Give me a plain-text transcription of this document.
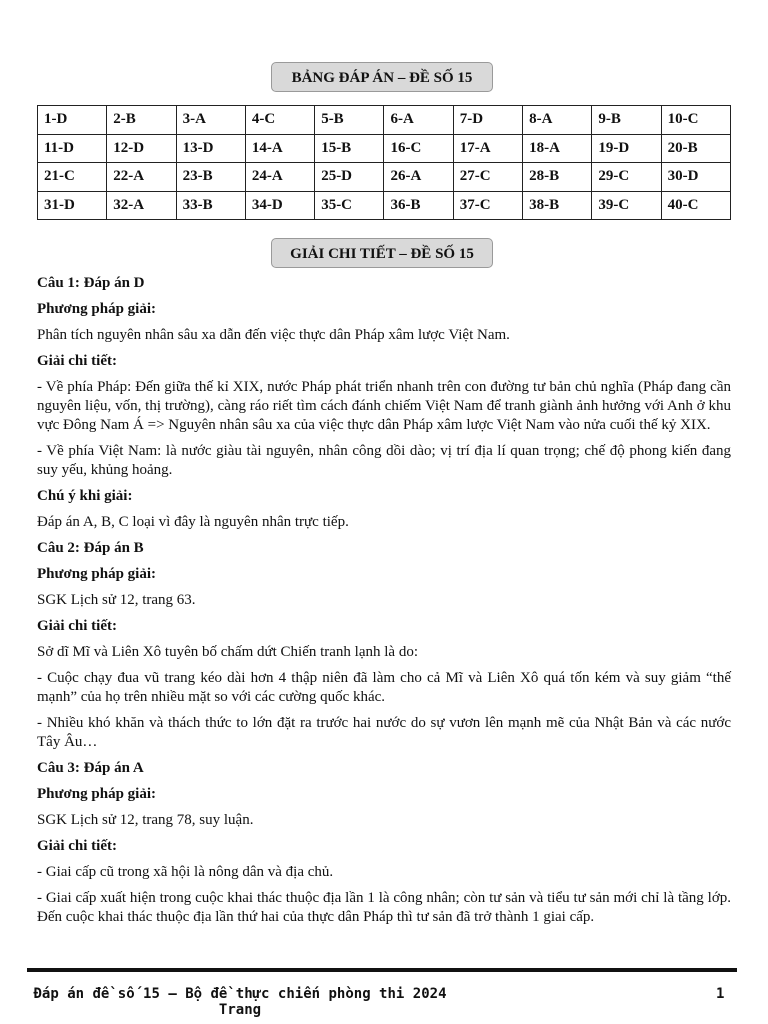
BẢNG ĐÁP ÁN – ĐỀ SỐ 15
1-D	2-B	3-A	4-C	5-B	6-A	7-D	8-A	9-B	10-C
11-D	12-D	13-D	14-A	15-B	16-C	17-A	18-A	19-D	20-B
21-C	22-A	23-B	24-A	25-D	26-A	27-C	28-B	29-C	30-D
31-D	32-A	33-B	34-D	35-C	36-B	37-C	38-B	39-C	40-C
GIẢI CHI TIẾT – ĐỀ SỐ 15

Câu 1: Đáp án D

Phương pháp giải:

Phân tích nguyên nhân sâu xa dẫn đến việc thực dân Pháp xâm lược Việt Nam.

Giải chi tiết:

- Về phía Pháp: Đến giữa thế kỉ XIX, nước Pháp phát triển nhanh trên con đường tư bản chủ nghĩa (Pháp đang cần nguyên liệu, vốn, thị trường), càng ráo riết tìm cách đánh chiếm Việt Nam để tranh giành ảnh hưởng với Anh ở khu vực Đông Nam Á => Nguyên nhân sâu xa của việc thực dân Pháp xâm lược Việt Nam vào nửa cuối thế kỷ XIX.

- Về phía Việt Nam: là nước giàu tài nguyên, nhân công dồi dào; vị trí địa lí quan trọng; chế độ phong kiến đang suy yếu, khủng hoảng.

Chú ý khi giải:

Đáp án A, B, C loại vì đây là nguyên nhân trực tiếp.

Câu 2: Đáp án B

Phương pháp giải:

SGK Lịch sử 12, trang 63.

Giải chi tiết:

Sở dĩ Mĩ và Liên Xô tuyên bố chấm dứt Chiến tranh lạnh là do:

- Cuộc chạy đua vũ trang kéo dài hơn 4 thập niên đã làm cho cả Mĩ và Liên Xô quá tốn kém và suy giảm “thế mạnh” của họ trên nhiều mặt so với các cường quốc khác.

- Nhiều khó khăn và thách thức to lớn đặt ra trước hai nước do sự vươn lên mạnh mẽ của Nhật Bản và các nước Tây Âu…

Câu 3: Đáp án A

Phương pháp giải:

SGK Lịch sử 12, trang 78, suy luận.

Giải chi tiết:

- Giai cấp cũ trong xã hội là nông dân và địa chủ.

- Giai cấp xuất hiện trong cuộc khai thác thuộc địa lần 1 là công nhân; còn tư sản và tiểu tư sản mới chỉ là tầng lớp. Đến cuộc khai thác thuộc địa lần thứ hai của thực dân Pháp thì tư sản đã trở thành 1 giai cấp.

Đáp án đề số 15 – Bộ đề thực chiến phòng thi 2024 Trang
1
